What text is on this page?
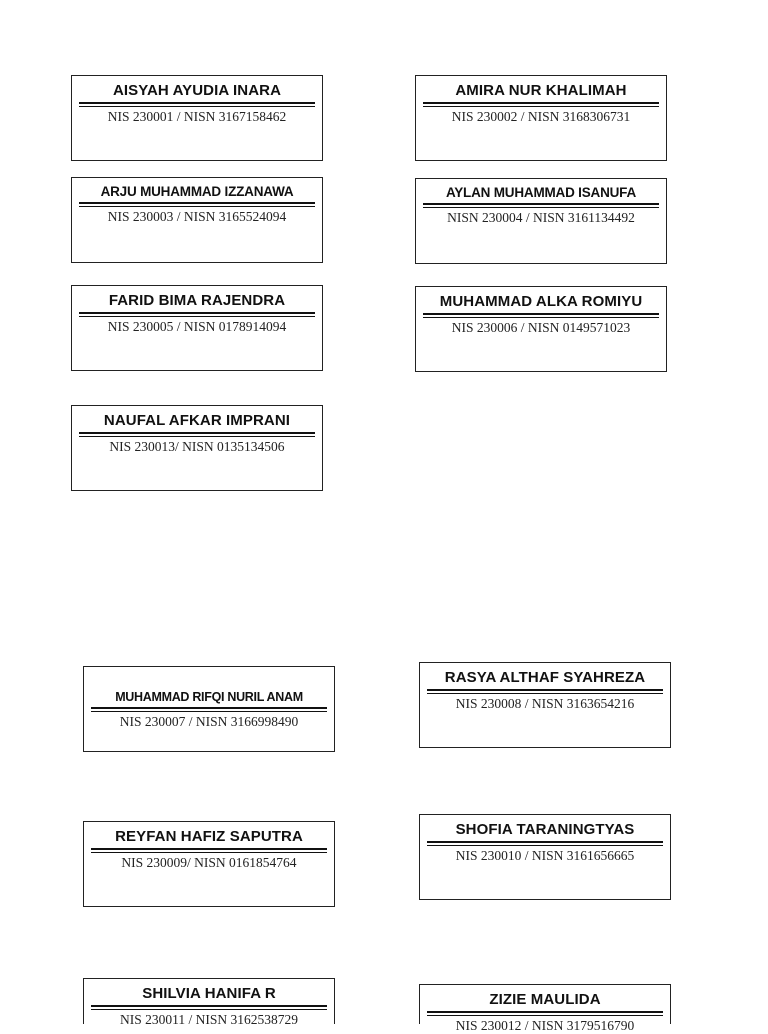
AISYAH AYUDIA INARA
NIS 230001 / NISN 3167158462
AMIRA NUR KHALIMAH
NIS 230002 / NISN 3168306731
ARJU MUHAMMAD IZZANAWA
NIS 230003 / NISN 3165524094
AYLAN MUHAMMAD ISANUFA
NISN 230004 / NISN 3161134492
FARID BIMA RAJENDRA
NIS 230005 / NISN 0178914094
MUHAMMAD ALKA ROMIYU
NIS 230006 / NISN 0149571023
NAUFAL AFKAR IMPRANI
NIS 230013/ NISN 0135134506
MUHAMMAD RIFQI NURIL ANAM
NIS 230007 / NISN 3166998490
RASYA ALTHAF SYAHREZA
NIS 230008 / NISN 3163654216
REYFAN HAFIZ SAPUTRA
NIS 230009/ NISN 0161854764
SHOFIA TARANINGTYAS
NIS 230010 / NISN 3161656665
SHILVIA HANIFA R
NIS 230011 / NISN 3162538729
ZIZIE MAULIDA
NIS 230012 / NISN 3179516790
